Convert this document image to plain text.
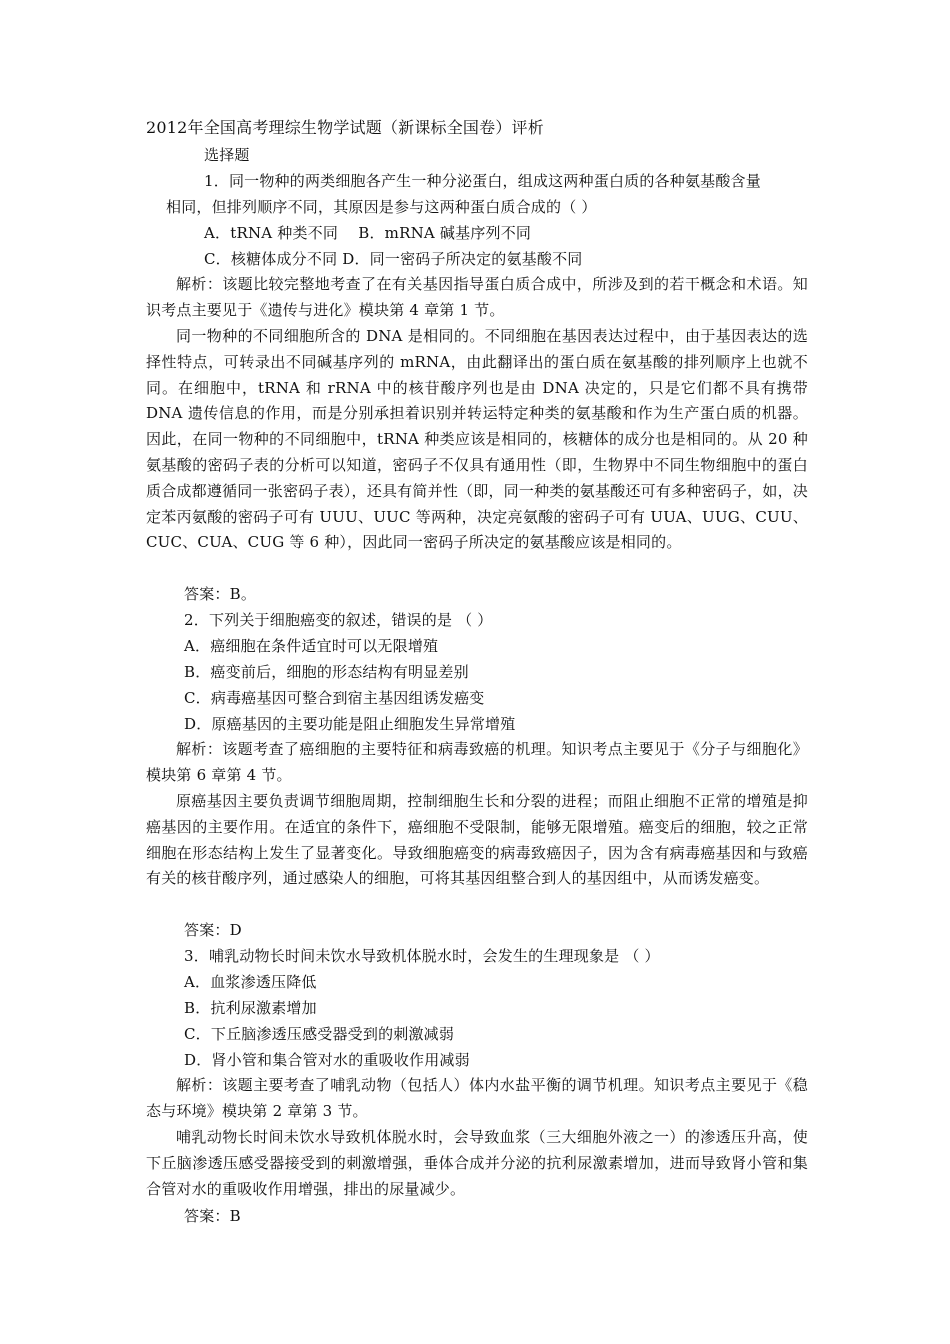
2012年全国高考理综生物学试题（新课标全国卷）评析
选择题
1．同一物种的两类细胞各产生一种分泌蛋白，组成这两种蛋白质的各种氨基酸含量
相同，但排列顺序不同，其原因是参与这两种蛋白质合成的（ ）
A．tRNA 种类不同　 B．mRNA 碱基序列不同
C．核糖体成分不同 D．同一密码子所决定的氨基酸不同
解析：该题比较完整地考查了在有关基因指导蛋白质合成中，所涉及到的若干概念和术语。知识考点主要见于《遗传与进化》模块第 4 章第 1 节。
同一物种的不同细胞所含的 DNA 是相同的。不同细胞在基因表达过程中，由于基因表达的选择性特点，可转录出不同碱基序列的 mRNA，由此翻译出的蛋白质在氨基酸的排列顺序上也就不同。在细胞中，tRNA 和 rRNA 中的核苷酸序列也是由 DNA 决定的，只是它们都不具有携带 DNA 遗传信息的作用，而是分别承担着识别并转运特定种类的氨基酸和作为生产蛋白质的机器。因此，在同一物种的不同细胞中，tRNA 种类应该是相同的，核糖体的成分也是相同的。从 20 种氨基酸的密码子表的分析可以知道，密码子不仅具有通用性（即，生物界中不同生物细胞中的蛋白质合成都遵循同一张密码子表），还具有简并性（即，同一种类的氨基酸还可有多种密码子，如，决定苯丙氨酸的密码子可有 UUU、UUC 等两种，决定亮氨酸的密码子可有 UUA、UUG、CUU、CUC、CUA、CUG 等 6 种），因此同一密码子所决定的氨基酸应该是相同的。
答案：B。
2．下列关于细胞癌变的叙述，错误的是 （ ）
A．癌细胞在条件适宜时可以无限增殖
B．癌变前后，细胞的形态结构有明显差别
C．病毒癌基因可整合到宿主基因组诱发癌变
D．原癌基因的主要功能是阻止细胞发生异常增殖
解析：该题考查了癌细胞的主要特征和病毒致癌的机理。知识考点主要见于《分子与细胞化》模块第 6 章第 4 节。
原癌基因主要负责调节细胞周期，控制细胞生长和分裂的进程；而阻止细胞不正常的增殖是抑癌基因的主要作用。在适宜的条件下，癌细胞不受限制，能够无限增殖。癌变后的细胞，较之正常细胞在形态结构上发生了显著变化。导致细胞癌变的病毒致癌因子，因为含有病毒癌基因和与致癌有关的核苷酸序列，通过感染人的细胞，可将其基因组整合到人的基因组中，从而诱发癌变。
答案：D
3．哺乳动物长时间未饮水导致机体脱水时，会发生的生理现象是 （ ）
A．血浆渗透压降低
B．抗利尿激素增加
C．下丘脑渗透压感受器受到的刺激减弱
D．肾小管和集合管对水的重吸收作用减弱
解析：该题主要考查了哺乳动物（包括人）体内水盐平衡的调节机理。知识考点主要见于《稳态与环境》模块第 2 章第 3 节。
哺乳动物长时间未饮水导致机体脱水时，会导致血浆（三大细胞外液之一）的渗透压升高，使下丘脑渗透压感受器接受到的刺激增强，垂体合成并分泌的抗利尿激素增加，进而导致肾小管和集合管对水的重吸收作用增强，排出的尿量减少。
答案：B
